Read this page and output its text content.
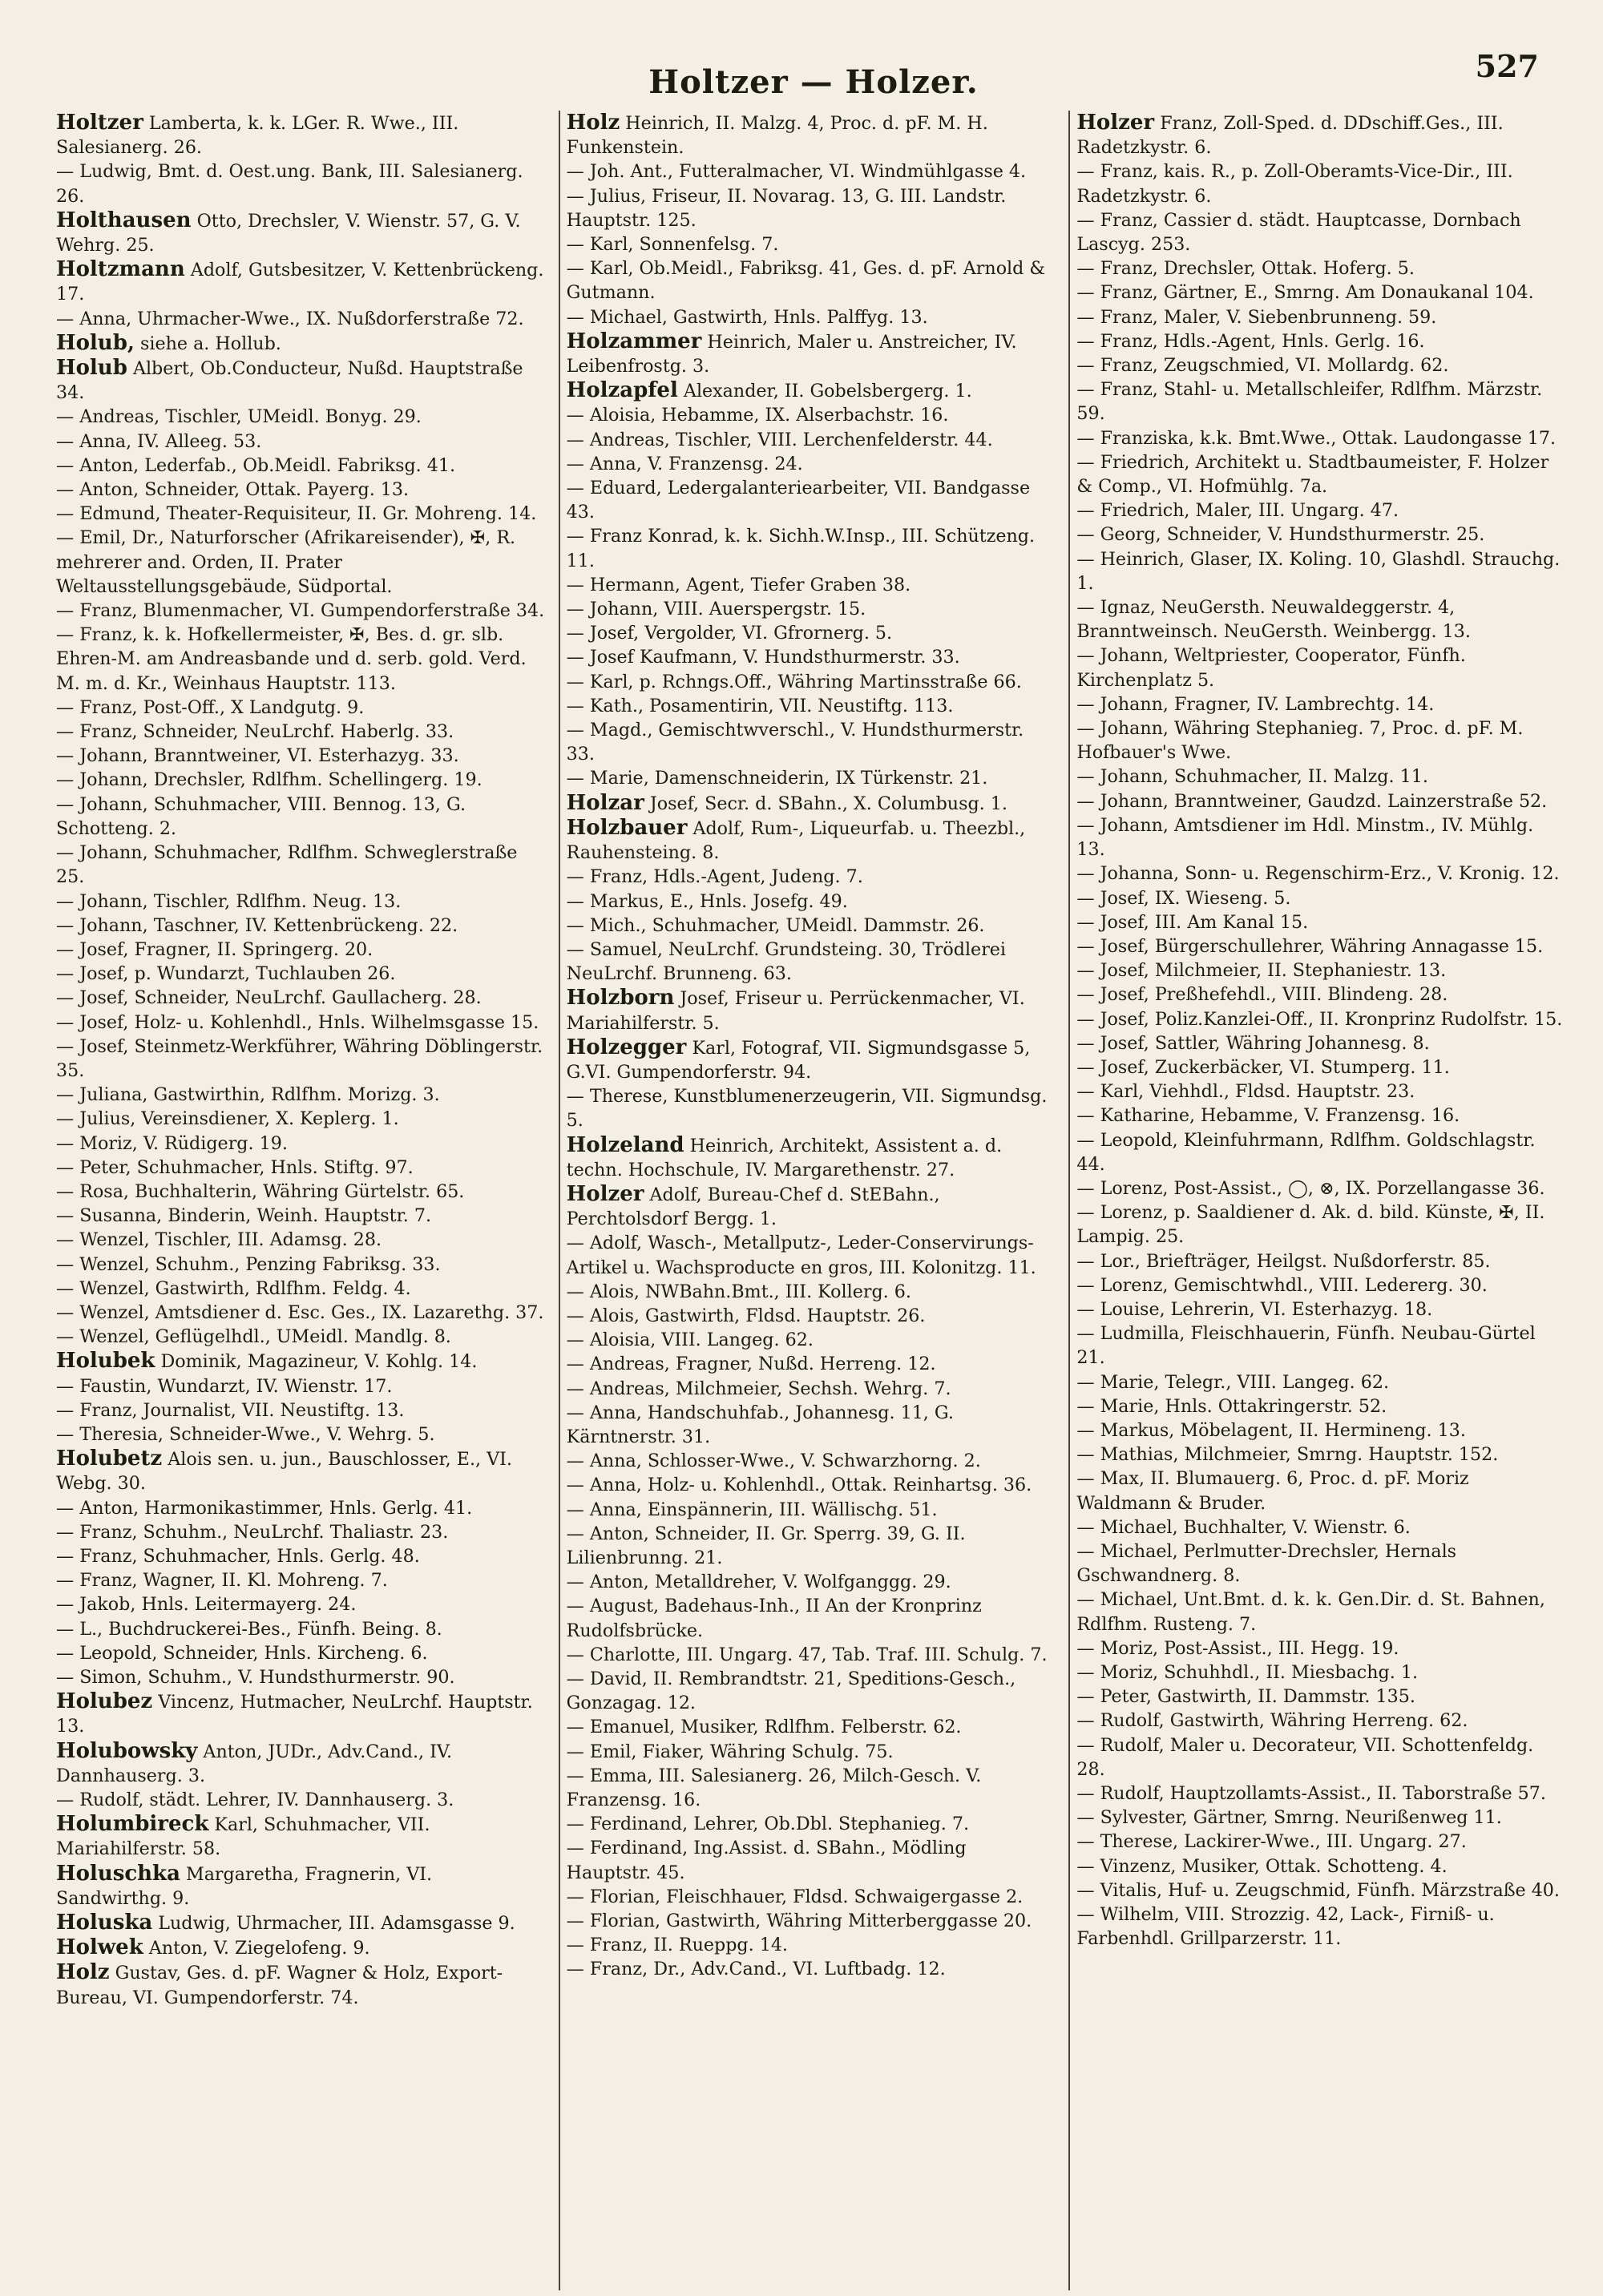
Holtzer — Holzer.	527

Holtzer Lamberta, k. k. LGer. R. Wwe., III. Salesianerg. 26.

— Ludwig, Bmt. d. Oest.ung. Bank, III. Salesianerg. 26.

Holthausen Otto, Drechsler, V. Wienstr. 57, G. V. Wehrg. 25.

Holtzmann Adolf, Gutsbesitzer, V. Kettenbrückeng. 17.

— Anna, Uhrmacher-Wwe., IX. Nußdorferstraße 72.

Holub, siehe a. Hollub.

Holub Albert, Ob.Conducteur, Nußd. Hauptstraße 34.

— Andreas, Tischler, UMeidl. Bonyg. 29.

— Anna, IV. Alleeg. 53.

— Anton, Lederfab., Ob.Meidl. Fabriksg. 41.

— Anton, Schneider, Ottak. Payerg. 13.

— Edmund, Theater-Requisiteur, II. Gr. Mohreng. 14.

— Emil, Dr., Naturforscher (Afrikareisender), ✠, R. mehrerer and. Orden, II. Prater Weltausstellungsgebäude, Südportal.

— Franz, Blumenmacher, VI. Gumpendorferstraße 34.

— Franz, k. k. Hofkellermeister, ✠, Bes. d. gr. slb. Ehren-M. am Andreasbande und d. serb. gold. Verd. M. m. d. Kr., Weinhaus Hauptstr. 113.

— Franz, Post-Off., X Landgutg. 9.

— Franz, Schneider, NeuLrchf. Haberlg. 33.

— Johann, Branntweiner, VI. Esterhazyg. 33.

— Johann, Drechsler, Rdlfhm. Schellingerg. 19.

— Johann, Schuhmacher, VIII. Bennog. 13, G. Schotteng. 2.

— Johann, Schuhmacher, Rdlfhm. Schweglerstraße 25.

— Johann, Tischler, Rdlfhm. Neug. 13.

— Johann, Taschner, IV. Kettenbrückeng. 22.

— Josef, Fragner, II. Springerg. 20.

— Josef, p. Wundarzt, Tuchlauben 26.

— Josef, Schneider, NeuLrchf. Gaullacherg. 28.

— Josef, Holz- u. Kohlenhdl., Hnls. Wilhelmsgasse 15.

— Josef, Steinmetz-Werkführer, Währing Döblingerstr. 35.

— Juliana, Gastwirthin, Rdlfhm. Morizg. 3.

— Julius, Vereinsdiener, X. Keplerg. 1.

— Moriz, V. Rüdigerg. 19.

— Peter, Schuhmacher, Hnls. Stiftg. 97.

— Rosa, Buchhalterin, Währing Gürtelstr. 65.

— Susanna, Binderin, Weinh. Hauptstr. 7.

— Wenzel, Tischler, III. Adamsg. 28.

— Wenzel, Schuhm., Penzing Fabriksg. 33.

— Wenzel, Gastwirth, Rdlfhm. Feldg. 4.

— Wenzel, Amtsdiener d. Esc. Ges., IX. Lazarethg. 37.

— Wenzel, Geflügelhdl., UMeidl. Mandlg. 8.

Holubek Dominik, Magazineur, V. Kohlg. 14.

— Faustin, Wundarzt, IV. Wienstr. 17.

— Franz, Journalist, VII. Neustiftg. 13.

— Theresia, Schneider-Wwe., V. Wehrg. 5.

Holubetz Alois sen. u. jun., Bauschlosser, E., VI. Webg. 30.

— Anton, Harmonikastimmer, Hnls. Gerlg. 41.

— Franz, Schuhm., NeuLrchf. Thaliastr. 23.

— Franz, Schuhmacher, Hnls. Gerlg. 48.

— Franz, Wagner, II. Kl. Mohreng. 7.

— Jakob, Hnls. Leitermayerg. 24.

— L., Buchdruckerei-Bes., Fünfh. Being. 8.

— Leopold, Schneider, Hnls. Kircheng. 6.

— Simon, Schuhm., V. Hundsthurmerstr. 90.

Holubez Vincenz, Hutmacher, NeuLrchf. Hauptstr. 13.

Holubowsky Anton, JUDr., Adv.Cand., IV. Dannhauserg. 3.

— Rudolf, städt. Lehrer, IV. Dannhauserg. 3.

Holumbireck Karl, Schuhmacher, VII. Mariahilferstr. 58.

Holuschka Margaretha, Fragnerin, VI. Sandwirthg. 9.

Holuska Ludwig, Uhrmacher, III. Adamsgasse 9.

Holwek Anton, V. Ziegelofeng. 9.

Holz Gustav, Ges. d. pF. Wagner & Holz, Export-Bureau, VI. Gumpendorferstr. 74.

Holz Heinrich, II. Malzg. 4, Proc. d. pF. M. H. Funkenstein.

— Joh. Ant., Futteralmacher, VI. Windmühlgasse 4.

— Julius, Friseur, II. Novarag. 13, G. III. Landstr. Hauptstr. 125.

— Karl, Sonnenfelsg. 7.

— Karl, Ob.Meidl., Fabriksg. 41, Ges. d. pF. Arnold & Gutmann.

— Michael, Gastwirth, Hnls. Palffyg. 13.

Holzammer Heinrich, Maler u. Anstreicher, IV. Leibenfrostg. 3.

Holzapfel Alexander, II. Gobelsbergerg. 1.

— Aloisia, Hebamme, IX. Alserbachstr. 16.

— Andreas, Tischler, VIII. Lerchenfelderstr. 44.

— Anna, V. Franzensg. 24.

— Eduard, Ledergalanteriearbeiter, VII. Bandgasse 43.

— Franz Konrad, k. k. Sichh.W.Insp., III. Schützeng. 11.

— Hermann, Agent, Tiefer Graben 38.

— Johann, VIII. Auerspergstr. 15.

— Josef, Vergolder, VI. Gfrornerg. 5.

— Josef Kaufmann, V. Hundsthurmerstr. 33.

— Karl, p. Rchngs.Off., Währing Martinsstraße 66.

— Kath., Posamentirin, VII. Neustiftg. 113.

— Magd., Gemischtwverschl., V. Hundsthurmerstr. 33.

— Marie, Damenschneiderin, IX Türkenstr. 21.

Holzar Josef, Secr. d. SBahn., X. Columbusg. 1.

Holzbauer Adolf, Rum-, Liqueurfab. u. Theezbl., Rauhensteing. 8.

— Franz, Hdls.-Agent, Judeng. 7.

— Markus, E., Hnls. Josefg. 49.

— Mich., Schuhmacher, UMeidl. Dammstr. 26.

— Samuel, NeuLrchf. Grundsteing. 30, Trödlerei NeuLrchf. Brunneng. 63.

Holzborn Josef, Friseur u. Perrückenmacher, VI. Mariahilferstr. 5.

Holzegger Karl, Fotograf, VII. Sigmundsgasse 5, G.VI. Gumpendorferstr. 94.

— Therese, Kunstblumenerzeugerin, VII. Sigmundsg. 5.

Holzeland Heinrich, Architekt, Assistent a. d. techn. Hochschule, IV. Margarethenstr. 27.

Holzer Adolf, Bureau-Chef d. StEBahn., Perchtolsdorf Bergg. 1.

— Adolf, Wasch-, Metallputz-, Leder-Conservirungs-Artikel u. Wachsproducte en gros, III. Kolonitzg. 11.

— Alois, NWBahn.Bmt., III. Kollerg. 6.

— Alois, Gastwirth, Fldsd. Hauptstr. 26.

— Aloisia, VIII. Langeg. 62.

— Andreas, Fragner, Nußd. Herreng. 12.

— Andreas, Milchmeier, Sechsh. Wehrg. 7.

— Anna, Handschuhfab., Johannesg. 11, G. Kärntnerstr. 31.

— Anna, Schlosser-Wwe., V. Schwarzhorng. 2.

— Anna, Holz- u. Kohlenhdl., Ottak. Reinhartsg. 36.

— Anna, Einspännerin, III. Wällischg. 51.

— Anton, Schneider, II. Gr. Sperrg. 39, G. II. Lilienbrunng. 21.

— Anton, Metalldreher, V. Wolfganggg. 29.

— August, Badehaus-Inh., II An der Kronprinz Rudolfsbrücke.

— Charlotte, III. Ungarg. 47, Tab. Traf. III. Schulg. 7.

— David, II. Rembrandtstr. 21, Speditions-Gesch., Gonzagag. 12.

— Emanuel, Musiker, Rdlfhm. Felberstr. 62.

— Emil, Fiaker, Währing Schulg. 75.

— Emma, III. Salesianerg. 26, Milch-Gesch. V. Franzensg. 16.

— Ferdinand, Lehrer, Ob.Dbl. Stephanieg. 7.

— Ferdinand, Ing.Assist. d. SBahn., Mödling Hauptstr. 45.

— Florian, Fleischhauer, Fldsd. Schwaigergasse 2.

— Florian, Gastwirth, Währing Mitterberggasse 20.

— Franz, II. Rueppg. 14.

— Franz, Dr., Adv.Cand., VI. Luftbadg. 12.

Holzer Franz, Zoll-Sped. d. DDschiff.Ges., III. Radetzkystr. 6.

— Franz, kais. R., p. Zoll-Oberamts-Vice-Dir., III. Radetzkystr. 6.

— Franz, Cassier d. städt. Hauptcasse, Dornbach Lascyg. 253.

— Franz, Drechsler, Ottak. Hoferg. 5.

— Franz, Gärtner, E., Smrng. Am Donaukanal 104.

— Franz, Maler, V. Siebenbrunneng. 59.

— Franz, Hdls.-Agent, Hnls. Gerlg. 16.

— Franz, Zeugschmied, VI. Mollardg. 62.

— Franz, Stahl- u. Metallschleifer, Rdlfhm. Märzstr. 59.

— Franziska, k.k. Bmt.Wwe., Ottak. Laudongasse 17.

— Friedrich, Architekt u. Stadtbaumeister, F. Holzer & Comp., VI. Hofmühlg. 7a.

— Friedrich, Maler, III. Ungarg. 47.

— Georg, Schneider, V. Hundsthurmerstr. 25.

— Heinrich, Glaser, IX. Koling. 10, Glashdl. Strauchg. 1.

— Ignaz, NeuGersth. Neuwaldeggerstr. 4, Branntweinsch. NeuGersth. Weinbergg. 13.

— Johann, Weltpriester, Cooperator, Fünfh. Kirchenplatz 5.

— Johann, Fragner, IV. Lambrechtg. 14.

— Johann, Währing Stephanieg. 7, Proc. d. pF. M. Hofbauer's Wwe.

— Johann, Schuhmacher, II. Malzg. 11.

— Johann, Branntweiner, Gaudzd. Lainzerstraße 52.

— Johann, Amtsdiener im Hdl. Minstm., IV. Mühlg. 13.

— Johanna, Sonn- u. Regenschirm-Erz., V. Kronig. 12.

— Josef, IX. Wieseng. 5.

— Josef, III. Am Kanal 15.

— Josef, Bürgerschullehrer, Währing Annagasse 15.

— Josef, Milchmeier, II. Stephaniestr. 13.

— Josef, Preßhefehdl., VIII. Blindeng. 28.

— Josef, Poliz.Kanzlei-Off., II. Kronprinz Rudolfstr. 15.

— Josef, Sattler, Währing Johannesg. 8.

— Josef, Zuckerbäcker, VI. Stumperg. 11.

— Karl, Viehhdl., Fldsd. Hauptstr. 23.

— Katharine, Hebamme, V. Franzensg. 16.

— Leopold, Kleinfuhrmann, Rdlfhm. Goldschlagstr. 44.

— Lorenz, Post-Assist., ◯, ⊗, IX. Porzellangasse 36.

— Lorenz, p. Saaldiener d. Ak. d. bild. Künste, ✠, II. Lampig. 25.

— Lor., Briefträger, Heilgst. Nußdorferstr. 85.

— Lorenz, Gemischtwhdl., VIII. Ledererg. 30.

— Louise, Lehrerin, VI. Esterhazyg. 18.

— Ludmilla, Fleischhauerin, Fünfh. Neubau-Gürtel 21.

— Marie, Telegr., VIII. Langeg. 62.

— Marie, Hnls. Ottakringerstr. 52.

— Markus, Möbelagent, II. Hermineng. 13.

— Mathias, Milchmeier, Smrng. Hauptstr. 152.

— Max, II. Blumauerg. 6, Proc. d. pF. Moriz Waldmann & Bruder.

— Michael, Buchhalter, V. Wienstr. 6.

— Michael, Perlmutter-Drechsler, Hernals Gschwandnerg. 8.

— Michael, Unt.Bmt. d. k. k. Gen.Dir. d. St. Bahnen, Rdlfhm. Rusteng. 7.

— Moriz, Post-Assist., III. Hegg. 19.

— Moriz, Schuhhdl., II. Miesbachg. 1.

— Peter, Gastwirth, II. Dammstr. 135.

— Rudolf, Gastwirth, Währing Herreng. 62.

— Rudolf, Maler u. Decorateur, VII. Schottenfeldg. 28.

— Rudolf, Hauptzollamts-Assist., II. Taborstraße 57.

— Sylvester, Gärtner, Smrng. Neurißenweg 11.

— Therese, Lackirer-Wwe., III. Ungarg. 27.

— Vinzenz, Musiker, Ottak. Schotteng. 4.

— Vitalis, Huf- u. Zeugschmid, Fünfh. Märzstraße 40.

— Wilhelm, VIII. Strozzig. 42, Lack-, Firniß- u. Farbenhdl. Grillparzerstr. 11.
